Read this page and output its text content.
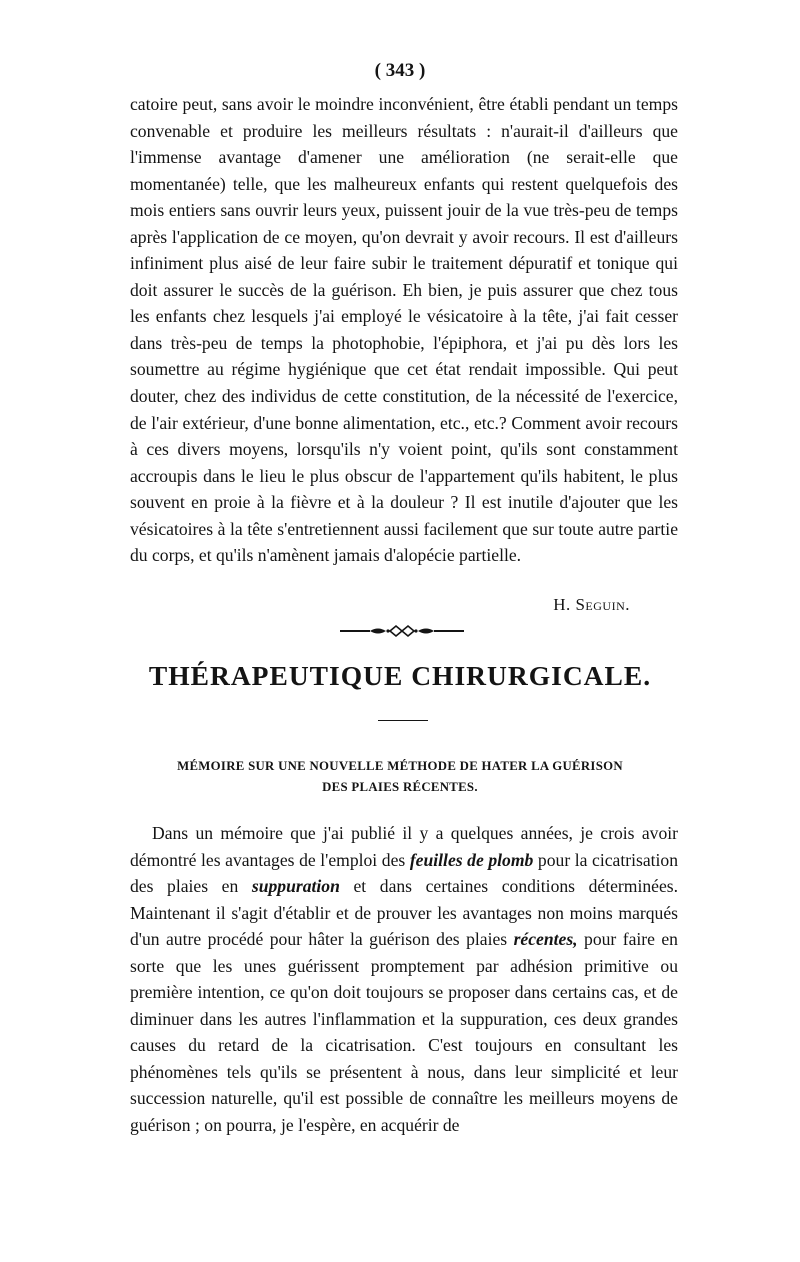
( 343 )

catoire peut, sans avoir le moindre inconvénient, être établi pendant un temps convenable et produire les meilleurs résultats : n'aurait-il d'ailleurs que l'immense avantage d'amener une amélioration (ne serait-elle que momentanée) telle, que les malheureux enfants qui restent quelquefois des mois entiers sans ouvrir leurs yeux, puissent jouir de la vue très-peu de temps après l'application de ce moyen, qu'on devrait y avoir recours. Il est d'ailleurs infiniment plus aisé de leur faire subir le traitement dépuratif et tonique qui doit assurer le succès de la guérison. Eh bien, je puis assurer que chez tous les enfants chez lesquels j'ai employé le vésicatoire à la tête, j'ai fait cesser dans très-peu de temps la photophobie, l'épiphora, et j'ai pu dès lors les soumettre au régime hygiénique que cet état rendait impossible. Qui peut douter, chez des individus de cette constitution, de la nécessité de l'exercice, de l'air extérieur, d'une bonne alimentation, etc., etc.? Comment avoir recours à ces divers moyens, lorsqu'ils n'y voient point, qu'ils sont constamment accroupis dans le lieu le plus obscur de l'appartement qu'ils habitent, le plus souvent en proie à la fièvre et à la douleur ? Il est inutile d'ajouter que les vésicatoires à la tête s'entretiennent aussi facilement que sur toute autre partie du corps, et qu'ils n'amènent jamais d'alopécie partielle.

H. Seguin.
THÉRAPEUTIQUE CHIRURGICALE.
MÉMOIRE SUR UNE NOUVELLE MÉTHODE DE HATER LA GUÉRISON
DES PLAIES RÉCENTES.

Dans un mémoire que j'ai publié il y a quelques années, je crois avoir démontré les avantages de l'emploi des feuilles de plomb pour la cicatrisation des plaies en suppuration et dans certaines conditions déterminées. Maintenant il s'agit d'établir et de prouver les avantages non moins marqués d'un autre procédé pour hâter la guérison des plaies récentes, pour faire en sorte que les unes guérissent promptement par adhésion primitive ou première intention, ce qu'on doit toujours se proposer dans certains cas, et de diminuer dans les autres l'inflammation et la suppuration, ces deux grandes causes du retard de la cicatrisation. C'est toujours en consultant les phénomènes tels qu'ils se présentent à nous, dans leur simplicité et leur succession naturelle, qu'il est possible de connaître les meilleurs moyens de guérison ; on pourra, je l'espère, en acquérir de
